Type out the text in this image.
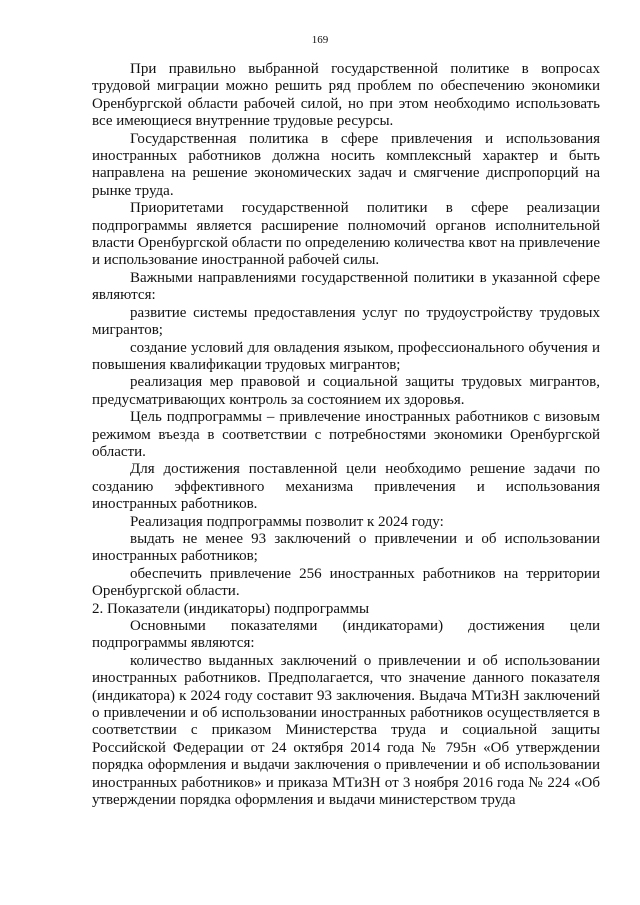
169

При правильно выбранной государственной политике в вопросах трудовой миграции можно решить ряд проблем по обеспечению экономики Оренбургской области рабочей силой, но при этом необходимо использовать все имеющиеся внутренние трудовые ресурсы.

Государственная политика в сфере привлечения и использования иностранных работников должна носить комплексный характер и быть направлена на решение экономических задач и смягчение диспропорций на рынке труда.

Приоритетами государственной политики в сфере реализации подпрограммы является расширение полномочий органов исполнительной власти Оренбургской области по определению количества квот на привлечение и использование иностранной рабочей силы.

Важными направлениями государственной политики в указанной сфере являются:

развитие системы предоставления услуг по трудоустройству трудовых мигрантов;

создание условий для овладения языком, профессионального обучения и повышения квалификации трудовых мигрантов;

реализация мер правовой и социальной защиты трудовых мигрантов, предусматривающих контроль за состоянием их здоровья.

Цель подпрограммы – привлечение иностранных работников с визовым режимом въезда в соответствии с потребностями экономики Оренбургской области.

Для достижения поставленной цели необходимо решение задачи по созданию эффективного механизма привлечения и использования иностранных работников.

Реализация подпрограммы позволит к 2024 году:

выдать не менее 93 заключений о привлечении и об использовании иностранных работников;

обеспечить привлечение 256 иностранных работников на территории Оренбургской области.

2. Показатели (индикаторы) подпрограммы

Основными показателями (индикаторами) достижения цели подпрограммы являются:

количество выданных заключений о привлечении и об использовании иностранных работников. Предполагается, что значение данного показателя (индикатора) к 2024 году составит 93 заключения. Выдача МТиЗН заключений о привлечении и об использовании иностранных работников осуществляется в соответствии с приказом Министерства труда и социальной защиты Российской Федерации от 24 октября 2014 года № 795н «Об утверждении порядка оформления и выдачи заключения о привлечении и об использовании иностранных работников» и приказа МТиЗН от 3 ноября 2016 года № 224 «Об утверждении порядка оформления и выдачи министерством труда
